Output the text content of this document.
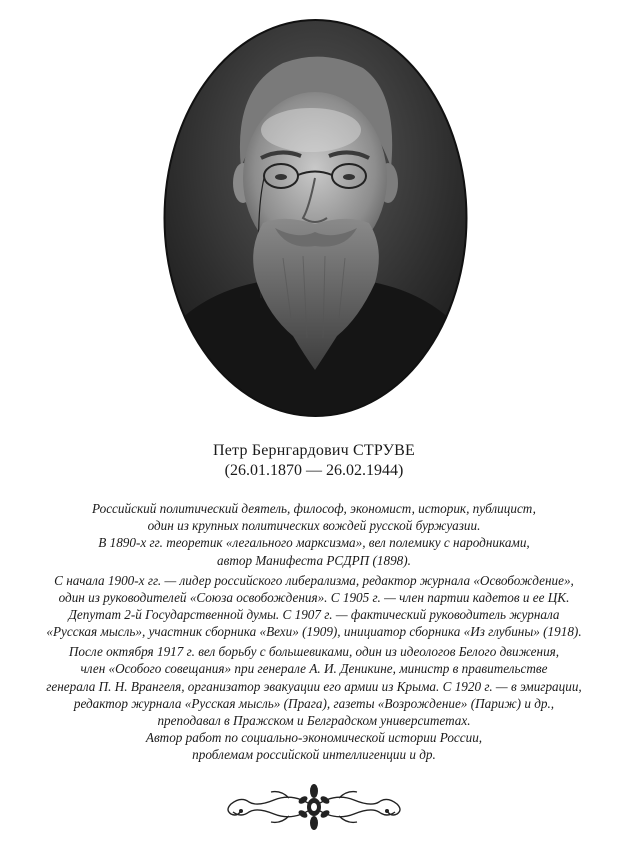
Петр Бернгардович СТРУВЕ
(26.01.1870 — 26.02.1944)

Российский политический деятель, философ, экономист, историк, публицист,
один из крупных политических вождей русской буржуазии.
В 1890-х гг. теоретик «легального марксизма», вел полемику с народниками,
автор Манифеста РСДРП (1898).

С начала 1900-х гг. — лидер российского либерализма, редактор журнала «Освобождение»,
один из руководителей «Союза освобождения». С 1905 г. — член партии кадетов и ее ЦК.
Депутат 2-й Государственной думы. С 1907 г. — фактический руководитель журнала
«Русская мысль», участник сборника «Вехи» (1909), инициатор сборника «Из глубины» (1918).

После октября 1917 г. вел борьбу с большевиками, один из идеологов Белого движения,
член «Особого совещания» при генерале А. И. Деникине, министр в правительстве
генерала П. Н. Врангеля, организатор эвакуации его армии из Крыма. С 1920 г. — в эмиграции,
редактор журнала «Русская мысль» (Прага), газеты «Возрождение» (Париж) и др.,
преподавал в Пражском и Белградском университетах.
Автор работ по социально-экономической истории России,
проблемам российской интеллигенции и др.
